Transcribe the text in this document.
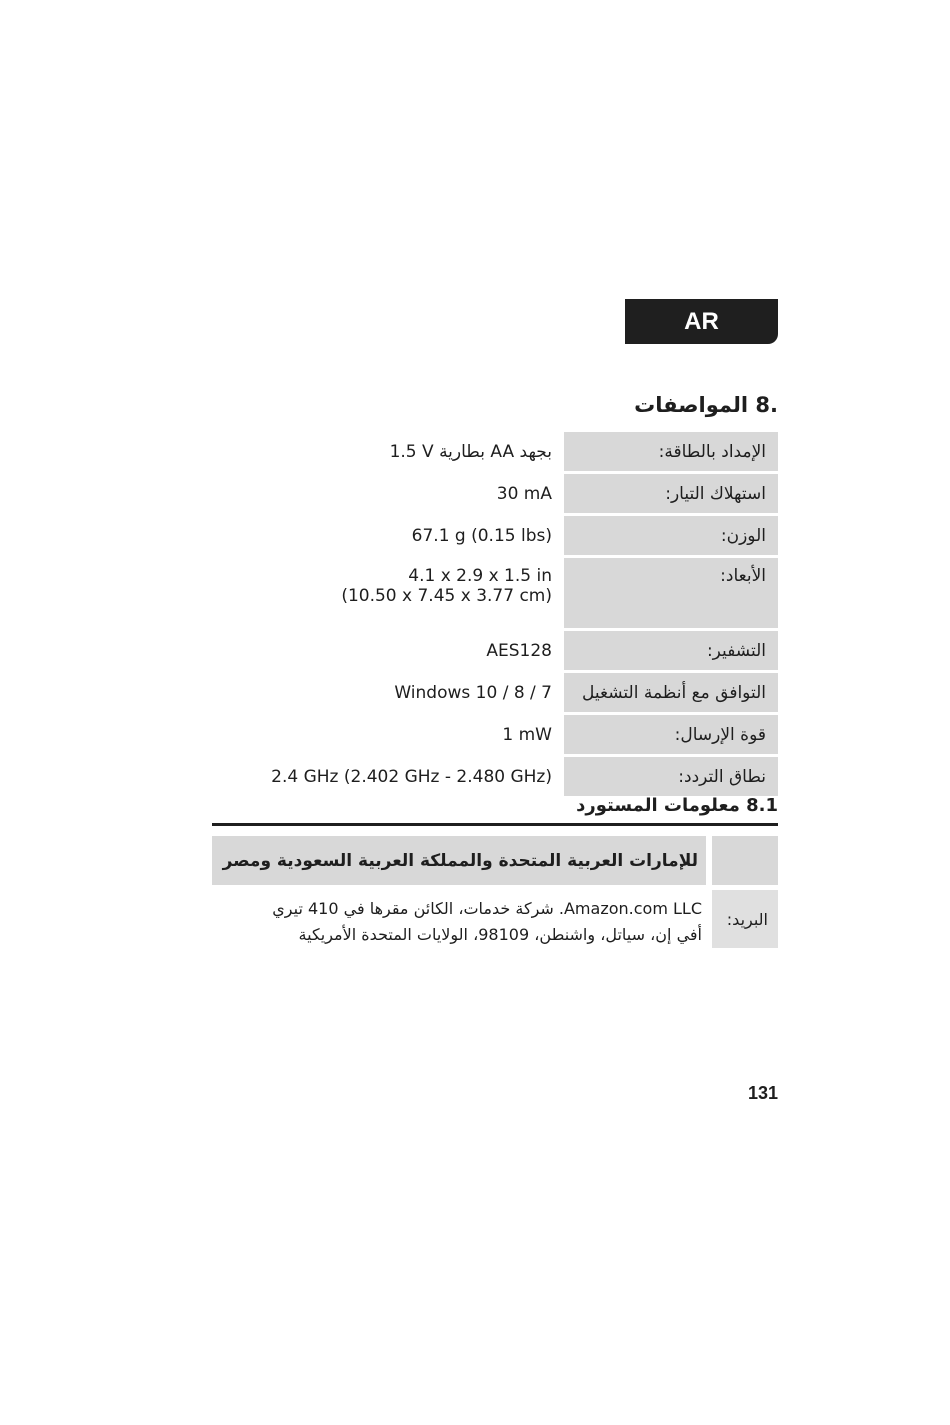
AR
.8 المواصفات
الإمداد بالطاقة:	1.5 V بطارية AA بجهد

استهلاك التيار:	30 mA

الوزن:	67.1 g (0.15 lbs)

الأبعاد:	4.1 x 2.9 x 1.5 in
(10.50 x 7.45 x 3.77 cm)

التشفير:	AES128

التوافق مع أنظمة التشغيل	Windows 10 / 8 / 7

قوة الإرسال:	1 mW

نطاق التردد:	2.4 GHz (2.402 GHz - 2.480 GHz)
8.1 معلومات المستورد
للإمارات العربية المتحدة والمملكة العربية السعودية ومصر
البريد:
Amazon.com LLC. شركة خدمات، الكائن مقرها في 410 تيري
أفي إن، سياتل، واشنطن، 98109، الولايات المتحدة الأمريكية
131
